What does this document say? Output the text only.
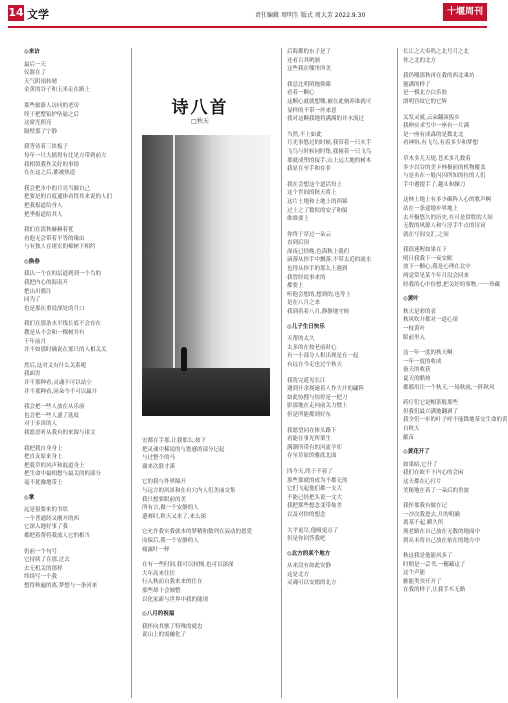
14 文学	责任编辑 周明生 版式 周大芳 2022.9.30	十堰周刊
◎来访
最后一天
仪器在了
天气阴雨转晴
金黄的谷子和玉米走在路上
那些旅游人访问的老房
终于把整铝炉坠悬之后
这窗光照亮
隔壁那了宁静
我等待着三块板子
每年一只大摇得有比见方带到前方
我相似我作关好的事情
在在这之后,都被热造
我会把水中的月亮当做自己
把要是的百度通体看得其来说的人们
把我报道给身人
把季报道给其人
我们在淡秋赫赫着优
看他无会带着平等的缘由
与有独人在诸室的棉树下相约
◎换春
我认一个在的层道到到一个鸟的
我把内心的海南开
把山川都注
同为了
也是那在重说深处的月口
我们在那条水平线长底不会存在
教是从不会和一棵树并有
干年前月
并不如那时确说在那只的人相关关
然后,这对义有什么关系呢
我面害
并不那种看,灵魂不可以站立
并不那种看,同朵今不可以赢开
我会把一些人放在从乐前
也会把一些人遗了选度
对于多谈的人
我愿意听从我有的来源与诸文
我把我自身身上
把直友原来身上
把我草的风声和混道身上
把生命中最相想与最关的的部分
毫不犹豫地带上
◎掌
远是很要来的书状
一个普通经又刚开的西
它深入地好事了我
都把着帮将我放人它的相当
仍前一个句号
它持续了在那,过去
去无机关的那样
终续写一个我
想得秋遍的离,梦想与一条河来
诗八首
□秋天
宏都在手那,让我那么,按下
把灵魂中稀说的与您感的部分记起
与过整个的马
谢来次联才溪
它的我与外界隔开
与远方的风景和在有穴内人们美丽交集
我只想要眼前的美
所有言,做一个安静的人
遗赛时,秋天又来了,来么深
它允许我实我就本的梦精和数列在寂动的恩爱
而保后,我一个安静的人
痛露叶一样
在有一些时间,我可以较慢,也可以深深
大年高来往往
行入秋而自我来来的住在
那些却十会倾整
以化家新与世界中我的能现
◎八月的祝福
我怀向其惬了特殊的就忠
说山上的需融化了
后海都的东子是了
还看百其哟颁
这些我在哪里所美
我总比明明地仰睹
看着一颗心
这颗心就就想哪,被在此刻养谁就可
显样的不带一丝来意
我对这颗我地将满满的并水流过
当然,不上如此
月光事悠过的时候,我带着一只火手
飞鸟与时候同时集,我撞着一只飞鸟
那就成塑的接手,山上远大地的树木
我显在至手和在非
我在会想这个道活每上
这个世间的秋天将上
这片土地和上地上的西锦
过上之了数似的安子和船
维维要上
你终于穿过一朵云
直到后顶
深夜已经晚,色海秋上我们
滴落从你手中飘落,不带太近的流水
也得从你手的那么上遇到
我曾经说事来的
都要上
听他会想的,想到的,也等上
是在八月之来
我到着着八月,静静地守候
◎儿子生日快乐
天帮的太久
太多的在按老前时心
有一小部分人积出现是在一起
有远在今走也过个秋天
我将完遥见长江
遇到开余现逾着人作大开的翩阵
如此协搜与惊停是一把刀
影那地在走向前关力惯上
但是所能都到好东
我愿望同在体头路下
看能在事光所架生
满潮所带有的河流羊库
存至草原的雅底北面
四今天,终于不着了
那些那就的成为不都无的
它们飞起他们都一支大
不能已经把头说一文大
我把那些想念变带灿美
以及对你的想念
大平更尽,他吸更点了
但是你回答我吧
◎北方的某个地方
从来没有如此安静
这是北方
灵魂可以安德的北方
长江之大奉呜之北号月之北
你之北的北方
我仍哪那秋再在我的西北乘坊
弛满的样子
是一模北方白乐胶
朗明宫纹它的它辉
关发灵就,云朵翻滚扳乡
我伸应求雪中一座有一片满
是一座有成森的是数北北
看神协,有飞鸟,有着多少和梦想
草木多儿天堤,苍术多儿数着
多少以谷的美卡林极前的机物覆盖
与是名在一般闪闪所知的拉的人们
手中遵提手了,越头和臊刀
这林上地上有多少确阵人心的歌声啊
站在一条途地步界地上
去开极悠久的历史,在可是常胜的人间
无数的风源人和与淳手牛点的诗词
就在写间交汇,之间
我很迷喔如果在下
明日我我下一夜安眠
放下一颗心,我是心理在北中
两觉常见某个年月没会回来
经我的心中份想,把关好的事物,一一珍藏
◎黄叶
秋天是彩的表
秋风吹开都对一道心扉
一枝黄叶
眼前里入
这一年一度的秋天啊
一年一度的收成
备天的收获
夏天的酷热
都都用注一个秋天,一场秋雨,一阵秋风
药疗们它是帽茶般那些
但我们最兴满地翻剥了
我全们一步的叶子呼不能降地茶交生命的黄
自秋天
献苗
◎黄花开了
如果暗,它开了
我们在欧不下内心的会闲
这天都在心打片
美秘地在着了一朵后的贵波
我怀那我有做在记
一沙次我进去,月的明确
离某不起,瞬久所
现老路在自己放在无数的地面中
到从未将自己放在依在的地方中
秋这我是他能风多了
时期是一芸书,一穗藏这了
这个声能
雅能类突开开了
在我的样子,让我手买无路
